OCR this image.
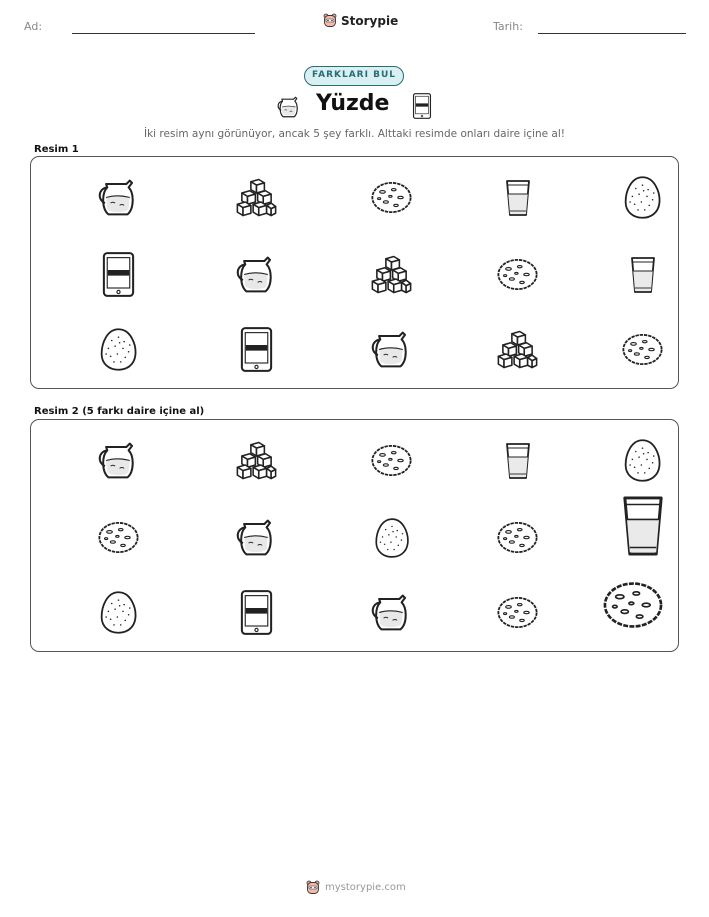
Ad:	Storypie	Tarih:
FARKLARI BUL
Yüzde
İki resim aynı görünüyor, ancak 5 şey farklı. Alttaki resimde onları daire içine al!
Resim 1
Resim 2 (5 farkı daire içine al)
mystorypie.com
